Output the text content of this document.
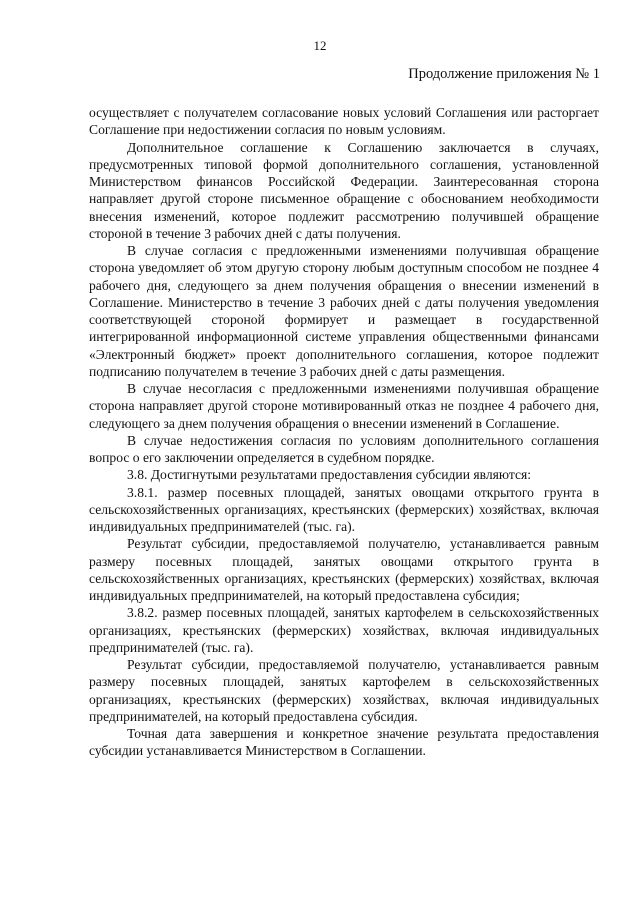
12
Продолжение приложения № 1

осуществляет с получателем согласование новых условий Соглашения или расторгает Соглашение при недостижении согласия по новым условиям.

Дополнительное соглашение к Соглашению заключается в случаях, предусмотренных типовой формой дополнительного соглашения, установленной Министерством финансов Российской Федерации. Заинтересованная сторона направляет другой стороне письменное обращение с обоснованием необходимости внесения изменений, которое подлежит рассмотрению получившей обращение стороной в течение 3 рабочих дней с даты получения.

В случае согласия с предложенными изменениями получившая обращение сторона уведомляет об этом другую сторону любым доступным способом не позднее 4 рабочего дня, следующего за днем получения обращения о внесении изменений в Соглашение. Министерство в течение 3 рабочих дней с даты получения уведомления соответствующей стороной формирует и размещает в государственной интегрированной информационной системе управления общественными финансами «Электронный бюджет» проект дополнительного соглашения, которое подлежит подписанию получателем в течение 3 рабочих дней с даты размещения.

В случае несогласия с предложенными изменениями получившая обращение сторона направляет другой стороне мотивированный отказ не позднее 4 рабочего дня, следующего за днем получения обращения о внесении изменений в Соглашение.

В случае недостижения согласия по условиям дополнительного соглашения вопрос о его заключении определяется в судебном порядке.

3.8. Достигнутыми результатами предоставления субсидии являются:

3.8.1. размер посевных площадей, занятых овощами открытого грунта в сельскохозяйственных организациях, крестьянских (фермерских) хозяйствах, включая индивидуальных предпринимателей (тыс. га).

Результат субсидии, предоставляемой получателю, устанавливается равным размеру посевных площадей, занятых овощами открытого грунта в сельскохозяйственных организациях, крестьянских (фермерских) хозяйствах, включая индивидуальных предпринимателей, на который предоставлена субсидия;

3.8.2. размер посевных площадей, занятых картофелем в сельскохозяйственных организациях, крестьянских (фермерских) хозяйствах, включая индивидуальных предпринимателей (тыс. га).

Результат субсидии, предоставляемой получателю, устанавливается равным размеру посевных площадей, занятых картофелем в сельскохозяйственных организациях, крестьянских (фермерских) хозяйствах, включая индивидуальных предпринимателей, на который предоставлена субсидия.

Точная дата завершения и конкретное значение результата предоставления субсидии устанавливается Министерством в Соглашении.
